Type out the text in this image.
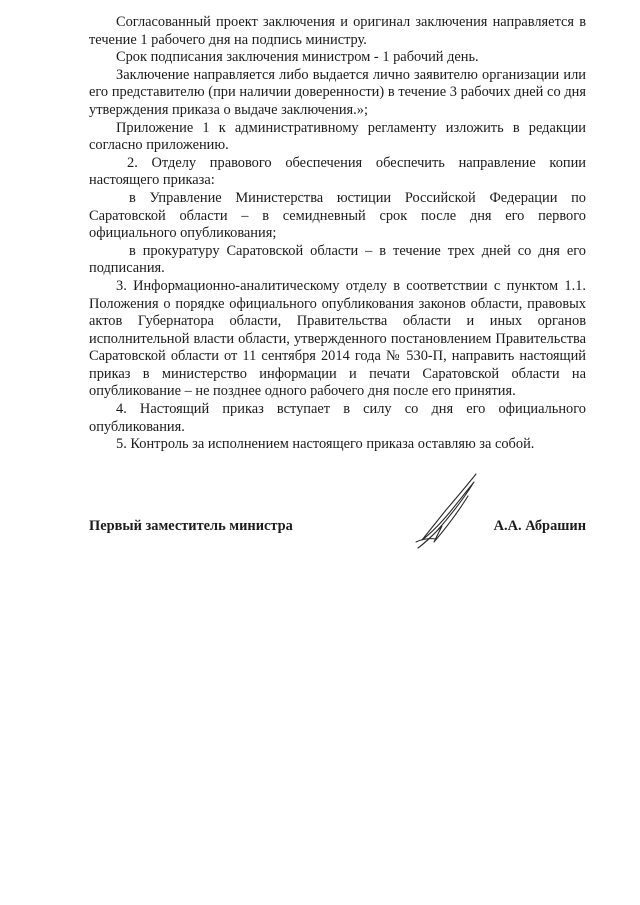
Согласованный проект заключения и оригинал заключения направляется в течение 1 рабочего дня на подпись министру.

Срок подписания заключения министром - 1 рабочий день.

Заключение направляется либо выдается лично заявителю организации или его представителю (при наличии доверенности) в течение 3 рабочих дней со дня утверждения приказа о выдаче заключения.»;

Приложение 1 к административному регламенту изложить в редакции согласно приложению.

2. Отделу правового обеспечения обеспечить направление копии настоящего приказа:

в Управление Министерства юстиции Российской Федерации по Саратовской области – в семидневный срок после дня его первого официального опубликования;

в прокуратуру Саратовской области – в течение трех дней со дня его подписания.

3. Информационно-аналитическому отделу в соответствии с пунктом 1.1. Положения о порядке официального опубликования законов области, правовых актов Губернатора области, Правительства области и иных органов исполнительной власти области, утвержденного постановлением Правительства Саратовской области от 11 сентября 2014 года № 530-П, направить настоящий приказ в министерство информации и печати Саратовской области на опубликование – не позднее одного рабочего дня после его принятия.

4. Настоящий приказ вступает в силу со дня его официального опубликования.

5. Контроль за исполнением настоящего приказа оставляю за собой.

Первый заместитель министра	А.А. Абрашин
